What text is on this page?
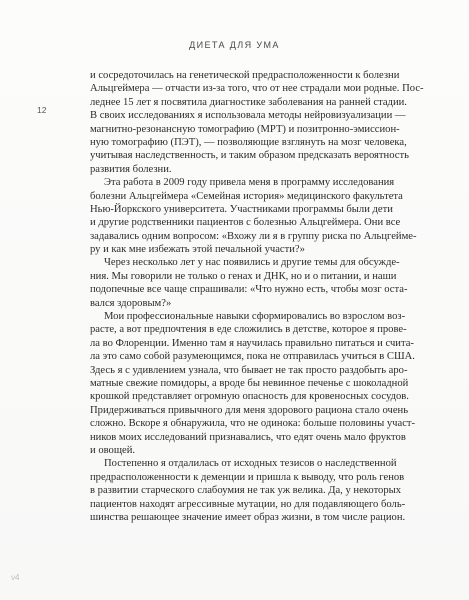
ДИЕТА ДЛЯ УМА
12
и сосредоточилась на генетической предрасположенности к болезни
Альцгеймера — отчасти из-за того, что от нее страдали мои родные. Пос-
леднее 15 лет я посвятила диагностике заболевания на ранней стадии.
В своих исследованиях я использовала методы нейровизуализации —
магнитно-резонансную томографию (МРТ) и позитронно-эмиссион-
ную томографию (ПЭТ), — позволяющие взглянуть на мозг человека,
учитывая наследственность, и таким образом предсказать вероятность
развития болезни.
Эта работа в 2009 году привела меня в программу исследования
болезни Альцгеймера «Семейная история» медицинского факультета
Нью-Йоркского университета. Участниками программы были дети
и другие родственники пациентов с болезнью Альцгеймера. Они все
задавались одним вопросом: «Вхожу ли я в группу риска по Альцгейме-
ру и как мне избежать этой печальной участи?»
Через несколько лет у нас появились и другие темы для обсужде-
ния. Мы говорили не только о генах и ДНК, но и о питании, и наши
подопечные все чаще спрашивали: «Что нужно есть, чтобы мозг оста-
вался здоровым?»
Мои профессиональные навыки сформировались во взрослом воз-
расте, а вот предпочтения в еде сложились в детстве, которое я прове-
ла во Флоренции. Именно там я научилась правильно питаться и счита-
ла это само собой разумеющимся, пока не отправилась учиться в США.
Здесь я с удивлением узнала, что бывает не так просто раздобыть аро-
матные свежие помидоры, а вроде бы невинное печенье с шоколадной
крошкой представляет огромную опасность для кровеносных сосудов.
Придерживаться привычного для меня здорового рациона стало очень
сложно. Вскоре я обнаружила, что не одинока: больше половины участ-
ников моих исследований признавались, что едят очень мало фруктов
и овощей.
Постепенно я отдалилась от исходных тезисов о наследственной
предрасположенности к деменции и пришла к выводу, что роль генов
в развитии старческого слабоумия не так уж велика. Да, у некоторых
пациентов находят агрессивные мутации, но для подавляющего боль-
шинства решающее значение имеет образ жизни, в том числе рацион.
ν4
